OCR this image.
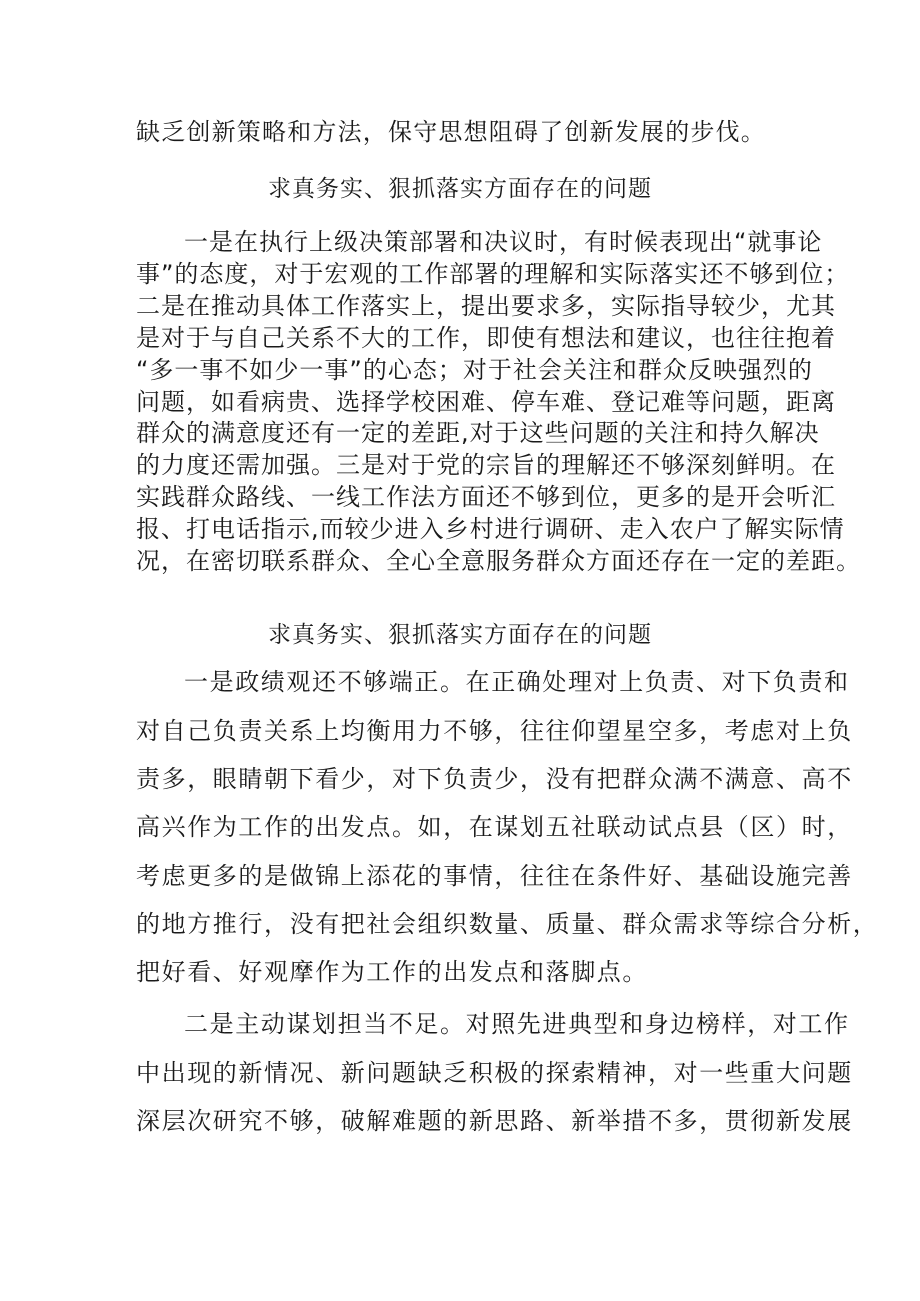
缺乏创新策略和方法，保守思想阻碍了创新发展的步伐。

求真务实、狠抓落实方面存在的问题

一是在执行上级决策部署和决议时，有时候表现出“就事论

事”的态度，对于宏观的工作部署的理解和实际落实还不够到位；

二是在推动具体工作落实上，提出要求多，实际指导较少，尤其

是对于与自己关系不大的工作，即使有想法和建议，也往往抱着

“多一事不如少一事”的心态；对于社会关注和群众反映强烈的

问题，如看病贵、选择学校困难、停车难、登记难等问题，距离

群众的满意度还有一定的差距,对于这些问题的关注和持久解决

的力度还需加强。三是对于党的宗旨的理解还不够深刻鲜明。在

实践群众路线、一线工作法方面还不够到位，更多的是开会听汇

报、打电话指示,而较少进入乡村进行调研、走入农户了解实际情

况，在密切联系群众、全心全意服务群众方面还存在一定的差距。

求真务实、狠抓落实方面存在的问题

一是政绩观还不够端正。在正确处理对上负责、对下负责和

对自己负责关系上均衡用力不够，往往仰望星空多，考虑对上负

责多，眼睛朝下看少，对下负责少，没有把群众满不满意、高不

高兴作为工作的出发点。如，在谋划五社联动试点县（区）时，

考虑更多的是做锦上添花的事情，往往在条件好、基础设施完善

的地方推行，没有把社会组织数量、质量、群众需求等综合分析，

把好看、好观摩作为工作的出发点和落脚点。

二是主动谋划担当不足。对照先进典型和身边榜样，对工作

中出现的新情况、新问题缺乏积极的探索精神，对一些重大问题

深层次研究不够，破解难题的新思路、新举措不多，贯彻新发展
